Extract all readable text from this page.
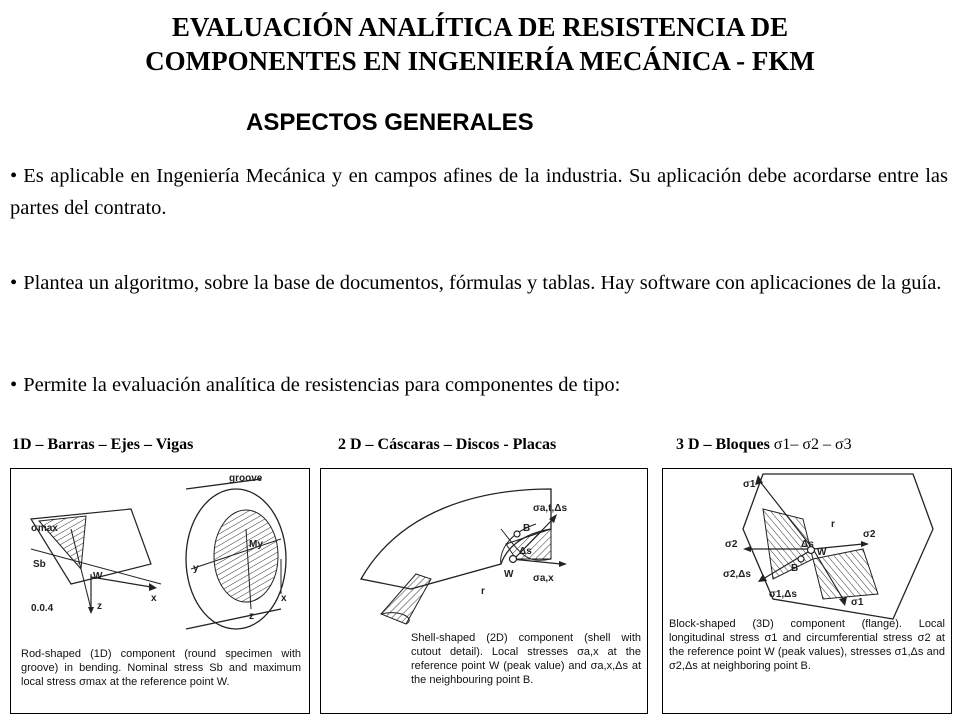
EVALUACIÓN ANALÍTICA DE RESISTENCIA DE
COMPONENTES EN INGENIERÍA MECÁNICA - FKM
ASPECTOS GENERALES
• Es aplicable en Ingeniería Mecánica y en campos afines de la industria. Su aplicación debe acordarse entre las partes del contrato.
• Plantea un algoritmo, sobre la base de documentos, fórmulas y tablas. Hay software con aplicaciones de la guía.
• Permite la evaluación analítica de resistencias para componentes de tipo:
1D – Barras – Ejes – Vigas	2 D – Cáscaras – Discos - Placas	3 D – Bloques σ1– σ2 – σ3
σmax
Sb
W
x
z
y
groove
My
0.0.4
x
z
Rod-shaped (1D) component (round specimen with groove) in bending. Nominal stress Sb and maximum local stress σmax at the reference point W.
B
W
Δs
r
σa,t,Δs
σa,x
Shell-shaped (2D) component (shell with cutout detail). Local stresses σa,x at the reference point W (peak value) and σa,x,Δs at the neighbouring point B.
σ1
σ2
σ2
σ2,Δs
σ1,Δs
σ1
B
W
Δs
r
Block-shaped (3D) component (flange). Local longitudinal stress σ1 and circumferential stress σ2 at the reference point W (peak values), stresses σ1,Δs and σ2,Δs at neighboring point B.
